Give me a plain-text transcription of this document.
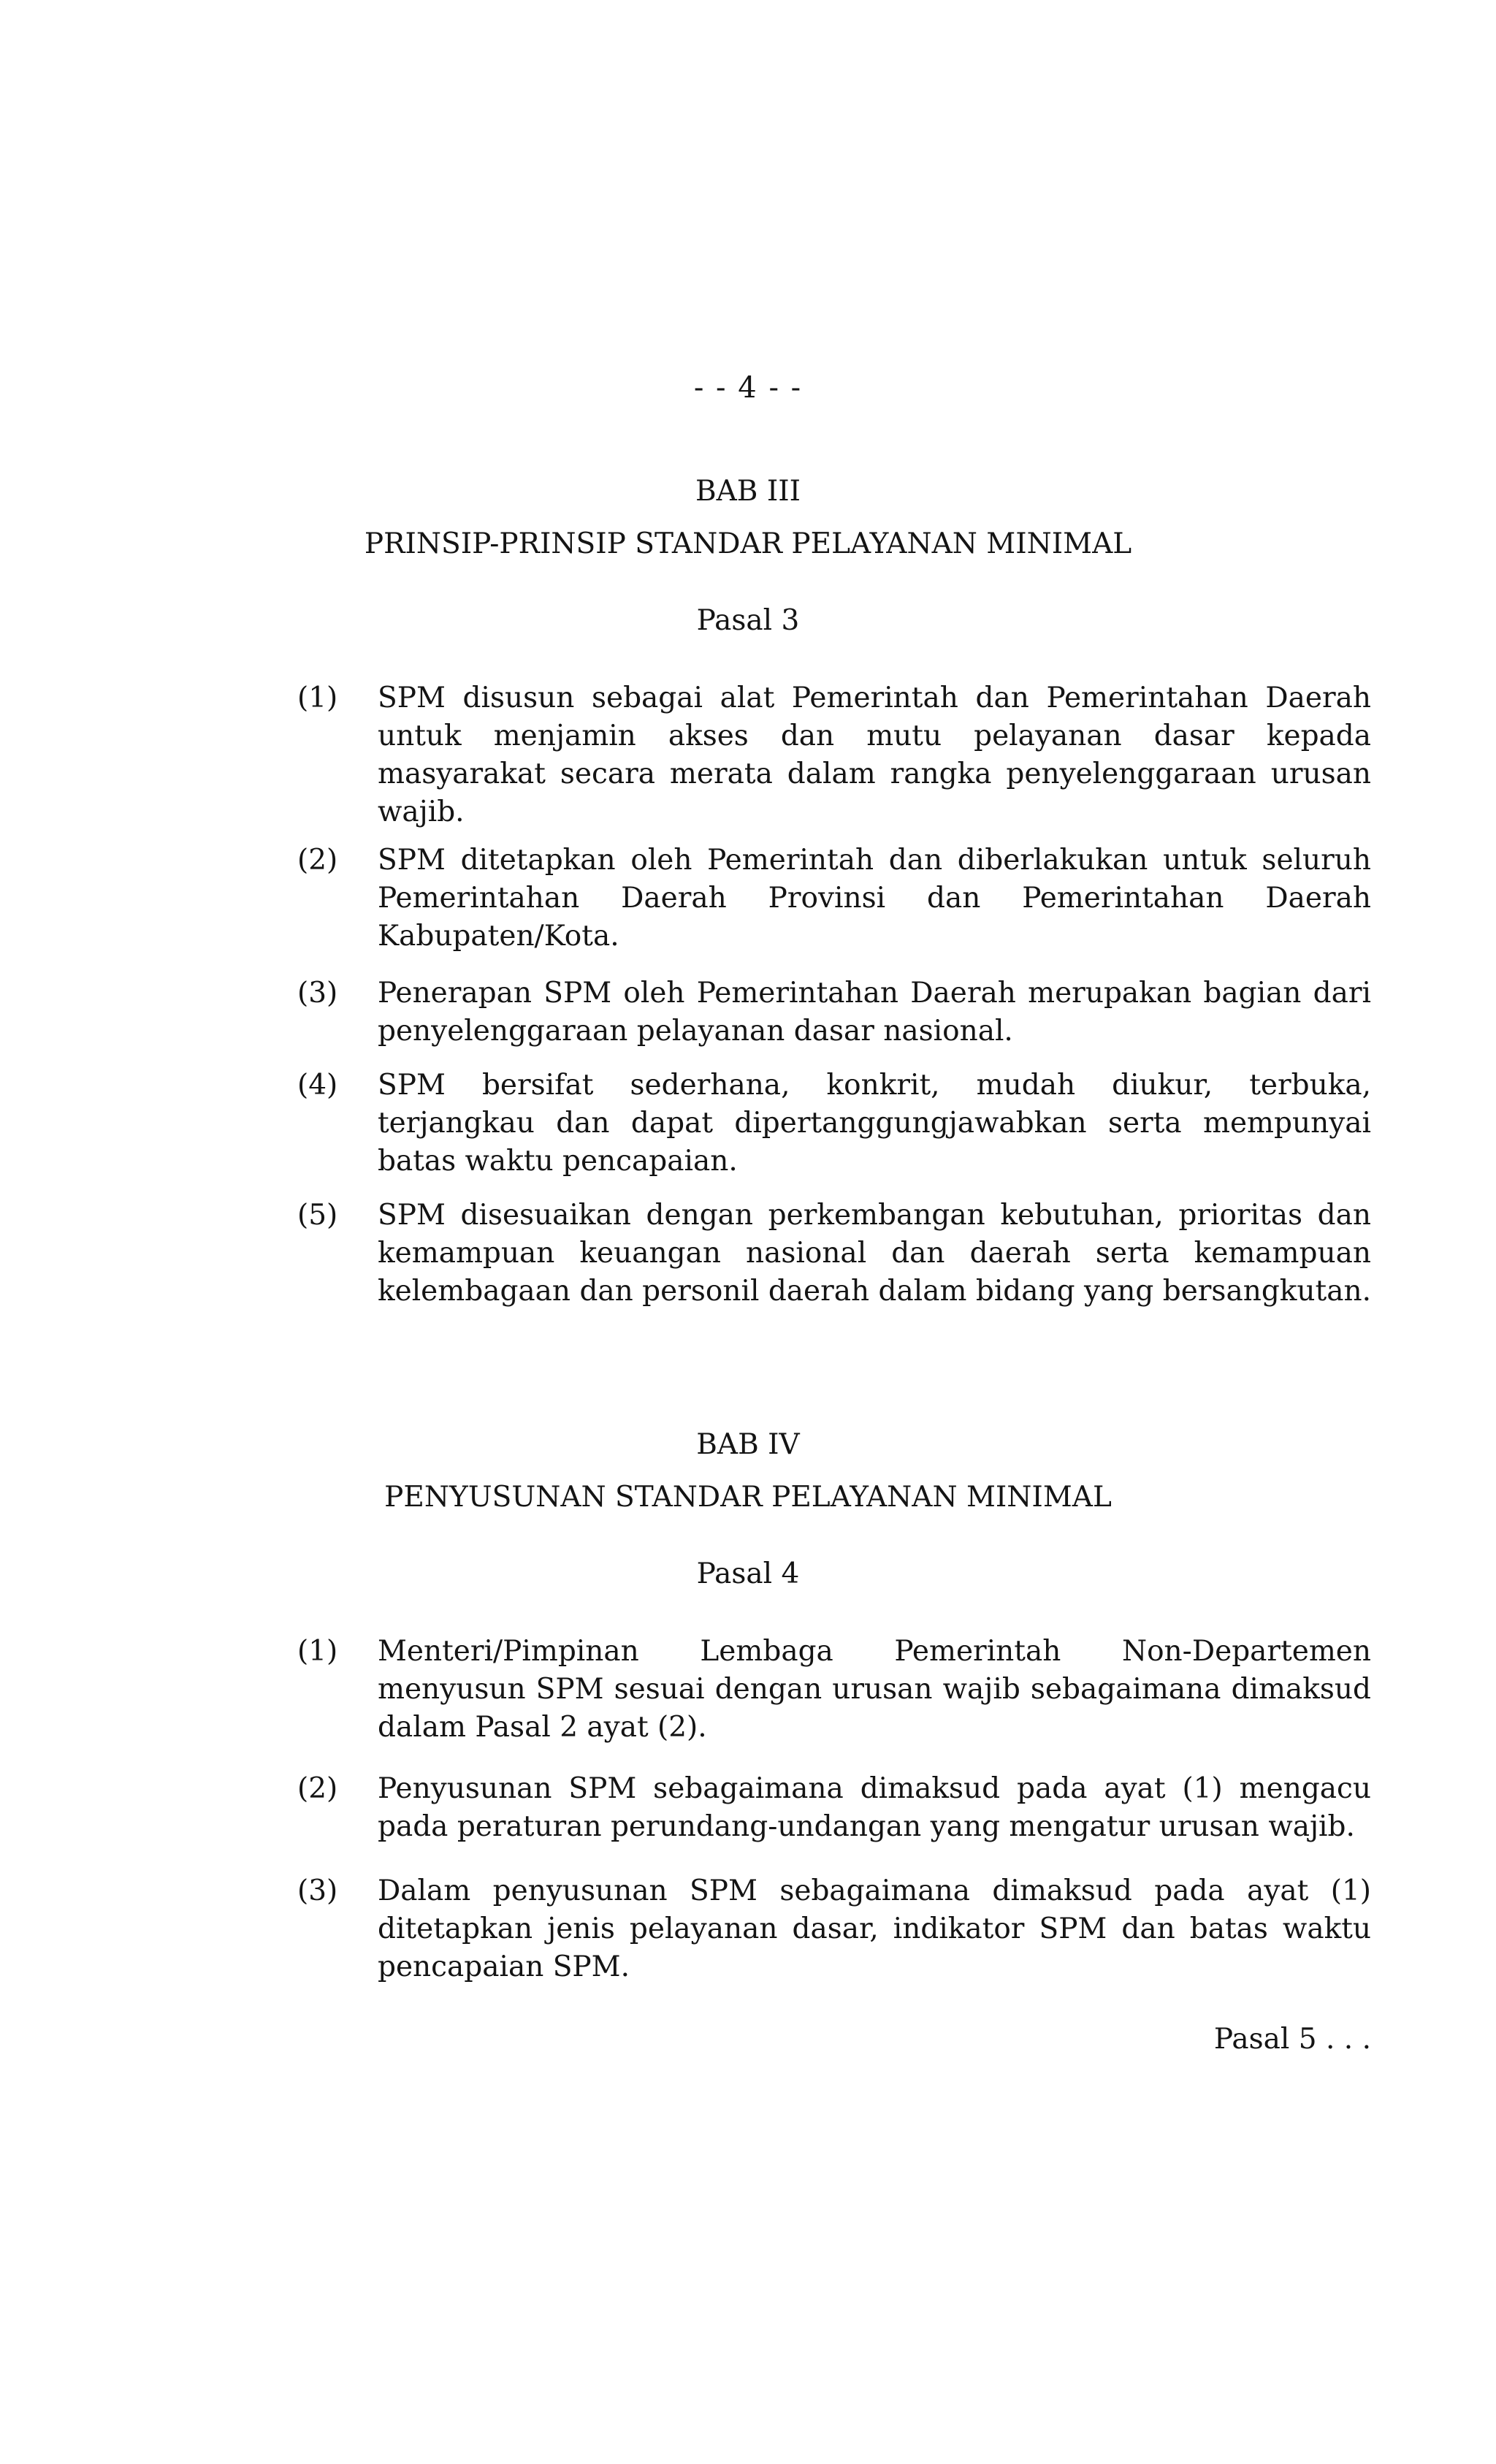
- - 4 - -
BAB III
PRINSIP-PRINSIP STANDAR PELAYANAN MINIMAL
Pasal 3
(1)	SPM disusun sebagai alat Pemerintah dan Pemerintahan Daerah untuk menjamin akses dan mutu pelayanan dasar kepada masyarakat secara merata dalam rangka penyelenggaraan urusan wajib.
(2)	SPM ditetapkan oleh Pemerintah dan diberlakukan untuk seluruh Pemerintahan Daerah Provinsi dan Pemerintahan Daerah Kabupaten/Kota.
(3)	Penerapan SPM oleh Pemerintahan Daerah merupakan bagian dari penyelenggaraan pelayanan dasar nasional.
(4)	SPM bersifat sederhana, konkrit, mudah diukur, terbuka, terjangkau dan dapat dipertanggungjawabkan serta mempunyai batas waktu pencapaian.
(5)	SPM disesuaikan dengan perkembangan kebutuhan, prioritas dan kemampuan keuangan nasional dan daerah serta kemampuan kelembagaan dan personil daerah dalam bidang yang bersangkutan.
BAB IV
PENYUSUNAN STANDAR PELAYANAN MINIMAL
Pasal 4
(1)	Menteri/Pimpinan Lembaga Pemerintah Non-Departemen menyusun SPM sesuai dengan urusan wajib sebagaimana dimaksud dalam Pasal 2 ayat (2).
(2)	Penyusunan SPM sebagaimana dimaksud pada ayat (1) mengacu pada peraturan perundang-undangan yang mengatur urusan wajib.
(3)	Dalam penyusunan SPM sebagaimana dimaksud pada ayat (1) ditetapkan jenis pelayanan dasar, indikator SPM dan batas waktu pencapaian SPM.
Pasal 5 . . .
